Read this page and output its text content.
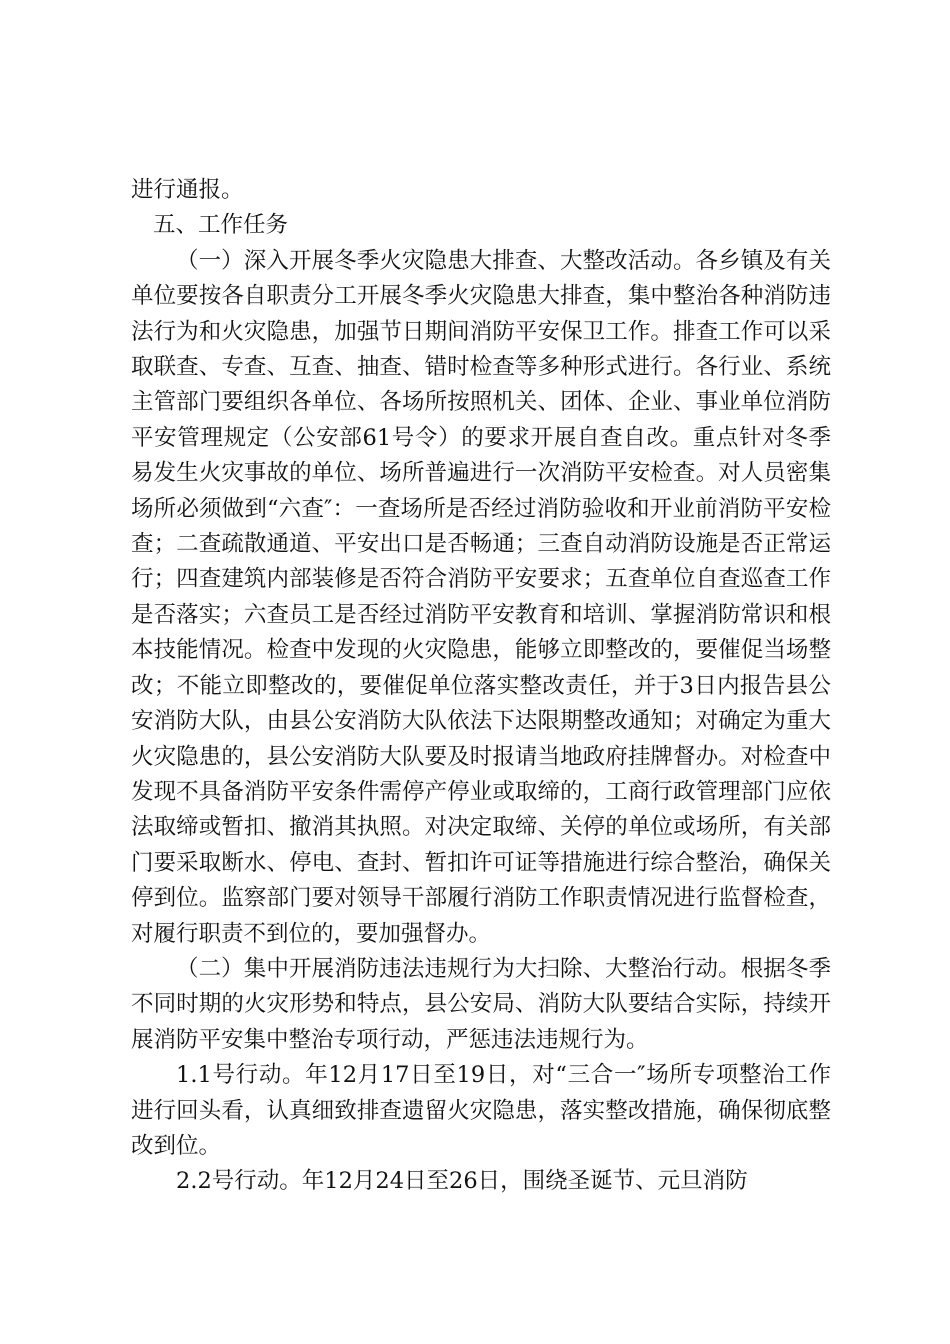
进行通报。

五、工作任务

（一）深入开展冬季火灾隐患大排查、大整改活动。各乡镇及有关单位要按各自职责分工开展冬季火灾隐患大排查，集中整治各种消防违法行为和火灾隐患，加强节日期间消防平安保卫工作。排查工作可以采取联查、专查、互查、抽查、错时检查等多种形式进行。各行业、系统主管部门要组织各单位、各场所按照机关、团体、企业、事业单位消防平安管理规定（公安部61号令）的要求开展自查自改。重点针对冬季易发生火灾事故的单位、场所普遍进行一次消防平安检查。对人员密集场所必须做到“六查″：一查场所是否经过消防验收和开业前消防平安检查；二查疏散通道、平安出口是否畅通；三查自动消防设施是否正常运行；四查建筑内部装修是否符合消防平安要求；五查单位自查巡查工作是否落实；六查员工是否经过消防平安教育和培训、掌握消防常识和根本技能情况。检查中发现的火灾隐患，能够立即整改的，要催促当场整改；不能立即整改的，要催促单位落实整改责任，并于3日内报告县公安消防大队，由县公安消防大队依法下达限期整改通知；对确定为重大火灾隐患的，县公安消防大队要及时报请当地政府挂牌督办。对检查中发现不具备消防平安条件需停产停业或取缔的，工商行政管理部门应依法取缔或暂扣、撤消其执照。对决定取缔、关停的单位或场所，有关部门要采取断水、停电、查封、暂扣许可证等措施进行综合整治，确保关停到位。监察部门要对领导干部履行消防工作职责情况进行监督检查，对履行职责不到位的，要加强督办。

（二）集中开展消防违法违规行为大扫除、大整治行动。根据冬季不同时期的火灾形势和特点，县公安局、消防大队要结合实际，持续开展消防平安集中整治专项行动，严惩违法违规行为。

1.1号行动。年12月17日至19日，对“三合一″场所专项整治工作进行回头看，认真细致排查遗留火灾隐患，落实整改措施，确保彻底整改到位。

2.2号行动。年12月24日至26日，围绕圣诞节、元旦消防
